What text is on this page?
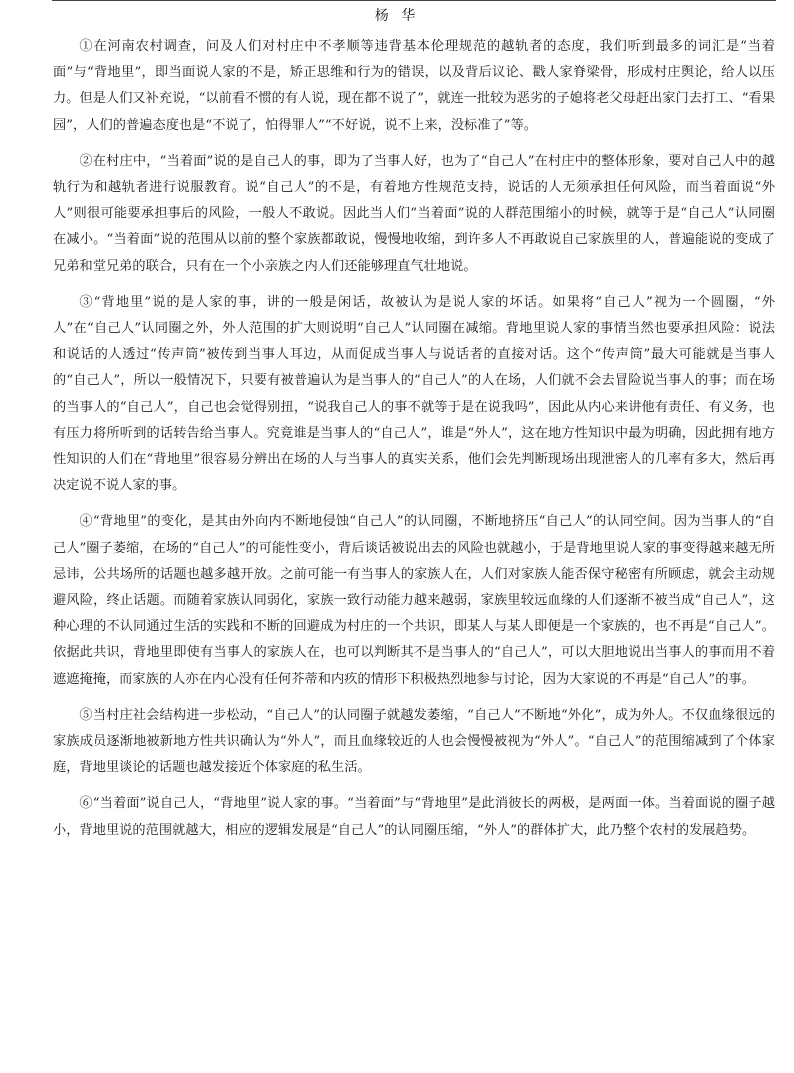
杨 华

①在河南农村调查，问及人们对村庄中不孝顺等违背基本伦理规范的越轨者的态度，我们听到最多的词汇是“当着面”与“背地里”，即当面说人家的不是，矫正思维和行为的错误，以及背后议论、戳人家脊梁骨，形成村庄舆论，给人以压力。但是人们又补充说，“以前看不惯的有人说，现在都不说了”，就连一批较为恶劣的子媳将老父母赶出家门去打工、“看果园”，人们的普遍态度也是“不说了，怕得罪人”“不好说，说不上来，没标准了”等。

②在村庄中，“当着面”说的是自己人的事，即为了当事人好，也为了“自己人”在村庄中的整体形象，要对自己人中的越轨行为和越轨者进行说服教育。说“自己人”的不是，有着地方性规范支持，说话的人无须承担任何风险，而当着面说“外人”则很可能要承担事后的风险，一般人不敢说。因此当人们“当着面”说的人群范围缩小的时候，就等于是“自己人”认同圈在减小。“当着面”说的范围从以前的整个家族都敢说，慢慢地收缩，到许多人不再敢说自己家族里的人，普遍能说的变成了兄弟和堂兄弟的联合，只有在一个小亲族之内人们还能够理直气壮地说。

③“背地里”说的是人家的事，讲的一般是闲话，故被认为是说人家的坏话。如果将“自己人”视为一个圆圈，“外人”在“自己人”认同圈之外，外人范围的扩大则说明“自己人”认同圈在减缩。背地里说人家的事情当然也要承担风险：说法和说话的人透过“传声筒”被传到当事人耳边，从而促成当事人与说话者的直接对话。这个“传声筒”最大可能就是当事人的“自己人”，所以一般情况下，只要有被普遍认为是当事人的“自己人”的人在场，人们就不会去冒险说当事人的事；而在场的当事人的“自己人”，自己也会觉得别扭，“说我自己人的事不就等于是在说我吗”，因此从内心来讲他有责任、有义务，也有压力将所听到的话转告给当事人。究竟谁是当事人的“自己人”，谁是“外人”，这在地方性知识中最为明确，因此拥有地方性知识的人们在“背地里”很容易分辨出在场的人与当事人的真实关系，他们会先判断现场出现泄密人的几率有多大，然后再决定说不说人家的事。

④“背地里”的变化，是其由外向内不断地侵蚀“自己人”的认同圈，不断地挤压“自己人”的认同空间。因为当事人的“自己人”圈子萎缩，在场的“自己人”的可能性变小，背后谈话被说出去的风险也就越小，于是背地里说人家的事变得越来越无所忌讳，公共场所的话题也越多越开放。之前可能一有当事人的家族人在，人们对家族人能否保守秘密有所顾虑，就会主动规避风险，终止话题。而随着家族认同弱化，家族一致行动能力越来越弱，家族里较远血缘的人们逐渐不被当成“自己人”，这种心理的不认同通过生活的实践和不断的回避成为村庄的一个共识，即某人与某人即便是一个家族的，也不再是“自己人”。依据此共识，背地里即使有当事人的家族人在，也可以判断其不是当事人的“自己人”，可以大胆地说出当事人的事而用不着遮遮掩掩，而家族的人亦在内心没有任何芥蒂和内疚的情形下积极热烈地参与讨论，因为大家说的不再是“自己人”的事。

⑤当村庄社会结构进一步松动，“自己人”的认同圈子就越发萎缩，“自己人”不断地“外化”，成为外人。不仅血缘很远的家族成员逐渐地被新地方性共识确认为“外人”，而且血缘较近的人也会慢慢被视为“外人”。“自己人”的范围缩减到了个体家庭，背地里谈论的话题也越发接近个体家庭的私生活。

⑥“当着面”说自己人，“背地里”说人家的事。“当着面”与“背地里”是此消彼长的两极，是两面一体。当着面说的圈子越小，背地里说的范围就越大，相应的逻辑发展是“自己人”的认同圈压缩，“外人”的群体扩大，此乃整个农村的发展趋势。
